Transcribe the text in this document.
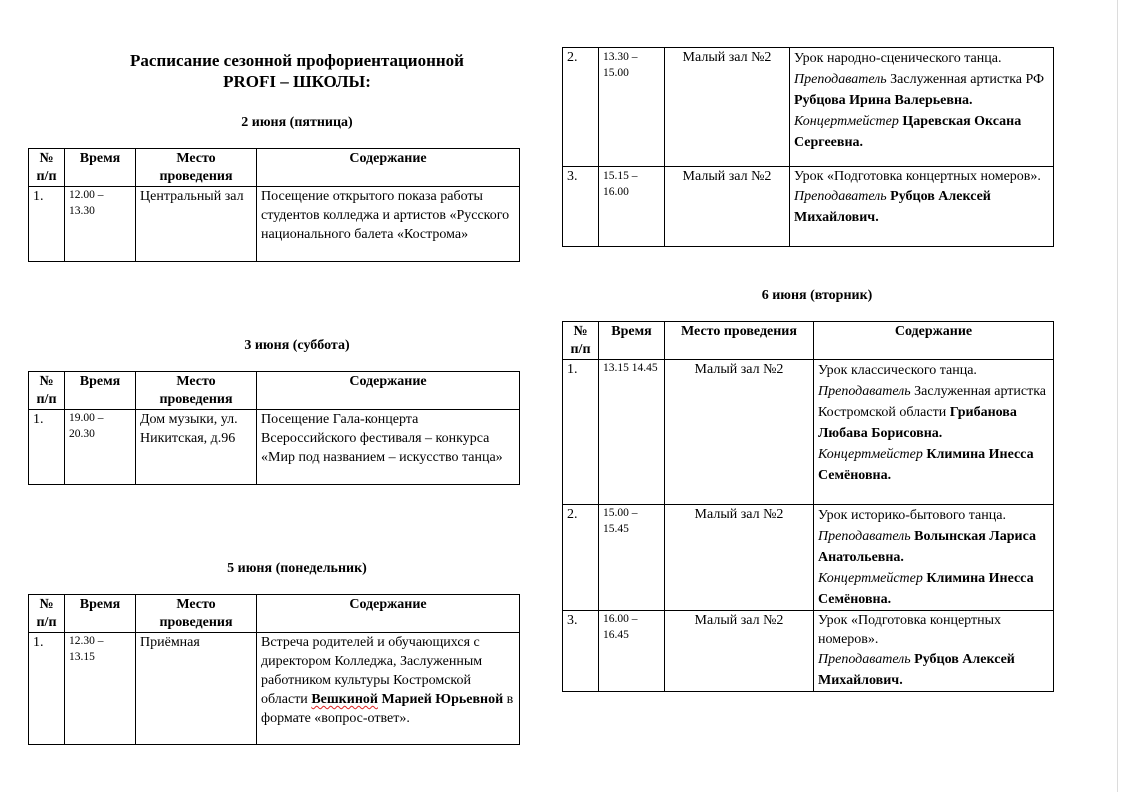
Расписание сезонной профориентационной
PROFI – ШКОЛЫ:
2 июня (пятница)
№ п/п	Время	Место проведения	Содержание
1.	12.00 – 13.30	Центральный зал	Посещение открытого показа работы студентов колледжа и артистов «Русского национального балета «Кострома»
3 июня (суббота)
№ п/п	Время	Место проведения	Содержание
1.	19.00 – 20.30	Дом музыки, ул. Никитская, д.96	Посещение Гала-концерта Всероссийского фестиваля – конкурса «Мир под названием – искусство танца»
5 июня (понедельник)
№ п/п	Время	Место проведения	Содержание
1.	12.30 – 13.15	Приёмная	Встреча родителей и обучающихся с директором Колледжа, Заслуженным работником культуры Костромской области Вешкиной Марией Юрьевной в формате «вопрос-ответ».
2.	13.30 – 15.00	Малый зал №2	Урок народно-сценического танца.
Преподаватель Заслуженная артистка РФ Рубцова Ирина Валерьевна.
Концертмейстер Царевская Оксана Сергеевна.

3.	15.15 – 16.00	Малый зал №2	Урок «Подготовка концертных номеров».
Преподаватель Рубцов Алексей Михайлович.
6 июня (вторник)
№ п/п	Время	Место проведения	Содержание
1.	13.15 14.45	Малый зал №2	Урок классического танца.
Преподаватель Заслуженная артистка Костромской области Грибанова Любава Борисовна.
Концертмейстер Климина Инесса Семёновна.

2.	15.00 – 15.45	Малый зал №2	Урок историко-бытового танца.
Преподаватель Волынская Лариса Анатольевна.
Концертмейстер Климина Инесса Семёновна.

3.	16.00 – 16.45	Малый зал №2	Урок «Подготовка концертных номеров».
Преподаватель Рубцов Алексей Михайлович.
